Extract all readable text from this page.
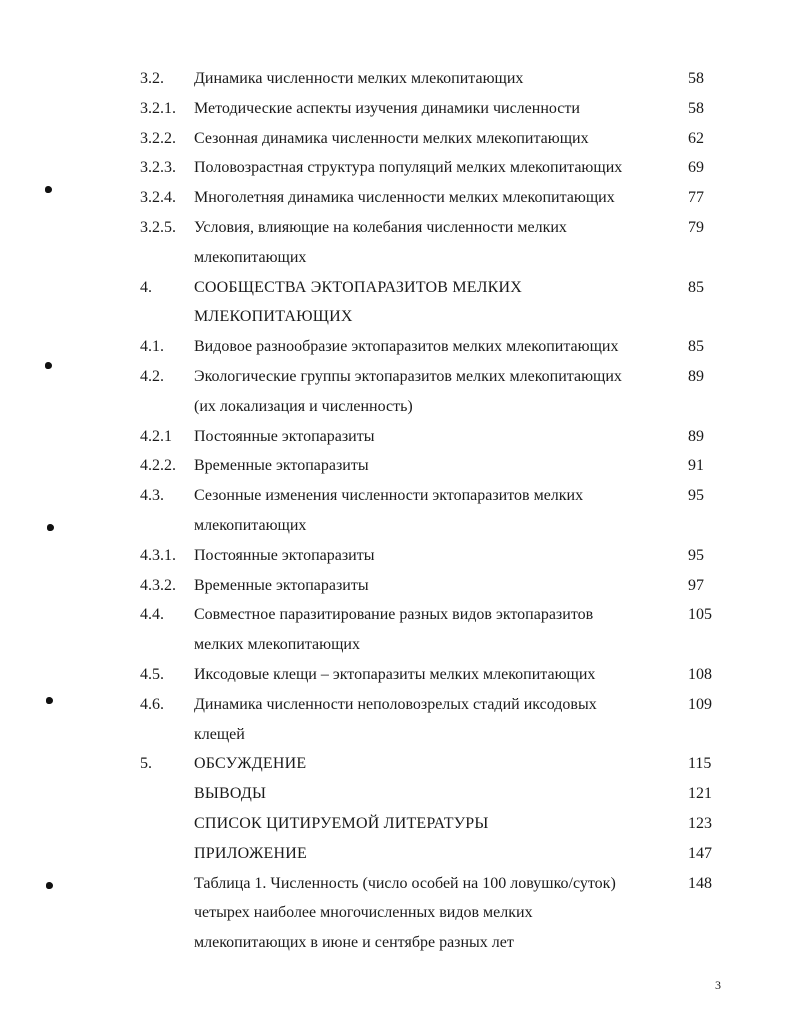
3.2. Динамика численности мелких млекопитающих	58
3.2.1. Методические аспекты изучения динамики численности	58
3.2.2. Сезонная динамика численности мелких млекопитающих	62
3.2.3. Половозрастная структура популяций мелких млекопитающих	69
3.2.4. Многолетняя динамика численности мелких млекопитающих	77
3.2.5. Условия, влияющие на колебания численности мелких	79
млекопитающих
4.	СООБЩЕСТВА ЭКТОПАРАЗИТОВ МЕЛКИХ	85
МЛЕКОПИТАЮЩИХ
4.1. Видовое разнообразие эктопаразитов мелких млекопитающих	85
4.2. Экологические группы эктопаразитов мелких млекопитающих	89
(их локализация и численность)
4.2.1 Постоянные эктопаразиты	89
4.2.2. Временные эктопаразиты	91
4.3. Сезонные изменения численности эктопаразитов мелких	95
млекопитающих
4.3.1. Постоянные эктопаразиты	95
4.3.2. Временные эктопаразиты	97
4.4. Совместное паразитирование разных видов эктопаразитов	105
мелких млекопитающих
4.5. Иксодовые клещи – эктопаразиты мелких млекопитающих	108
4.6. Динамика численности неполовозрелых стадий иксодовых	109
клещей
5.	ОБСУЖДЕНИЕ	115
ВЫВОДЫ	121
СПИСОК ЦИТИРУЕМОЙ ЛИТЕРАТУРЫ	123
ПРИЛОЖЕНИЕ	147
Таблица 1. Численность (число особей на 100 ловушко/суток)	148
четырех наиболее многочисленных видов мелких
млекопитающих в июне и сентябре разных лет
3
